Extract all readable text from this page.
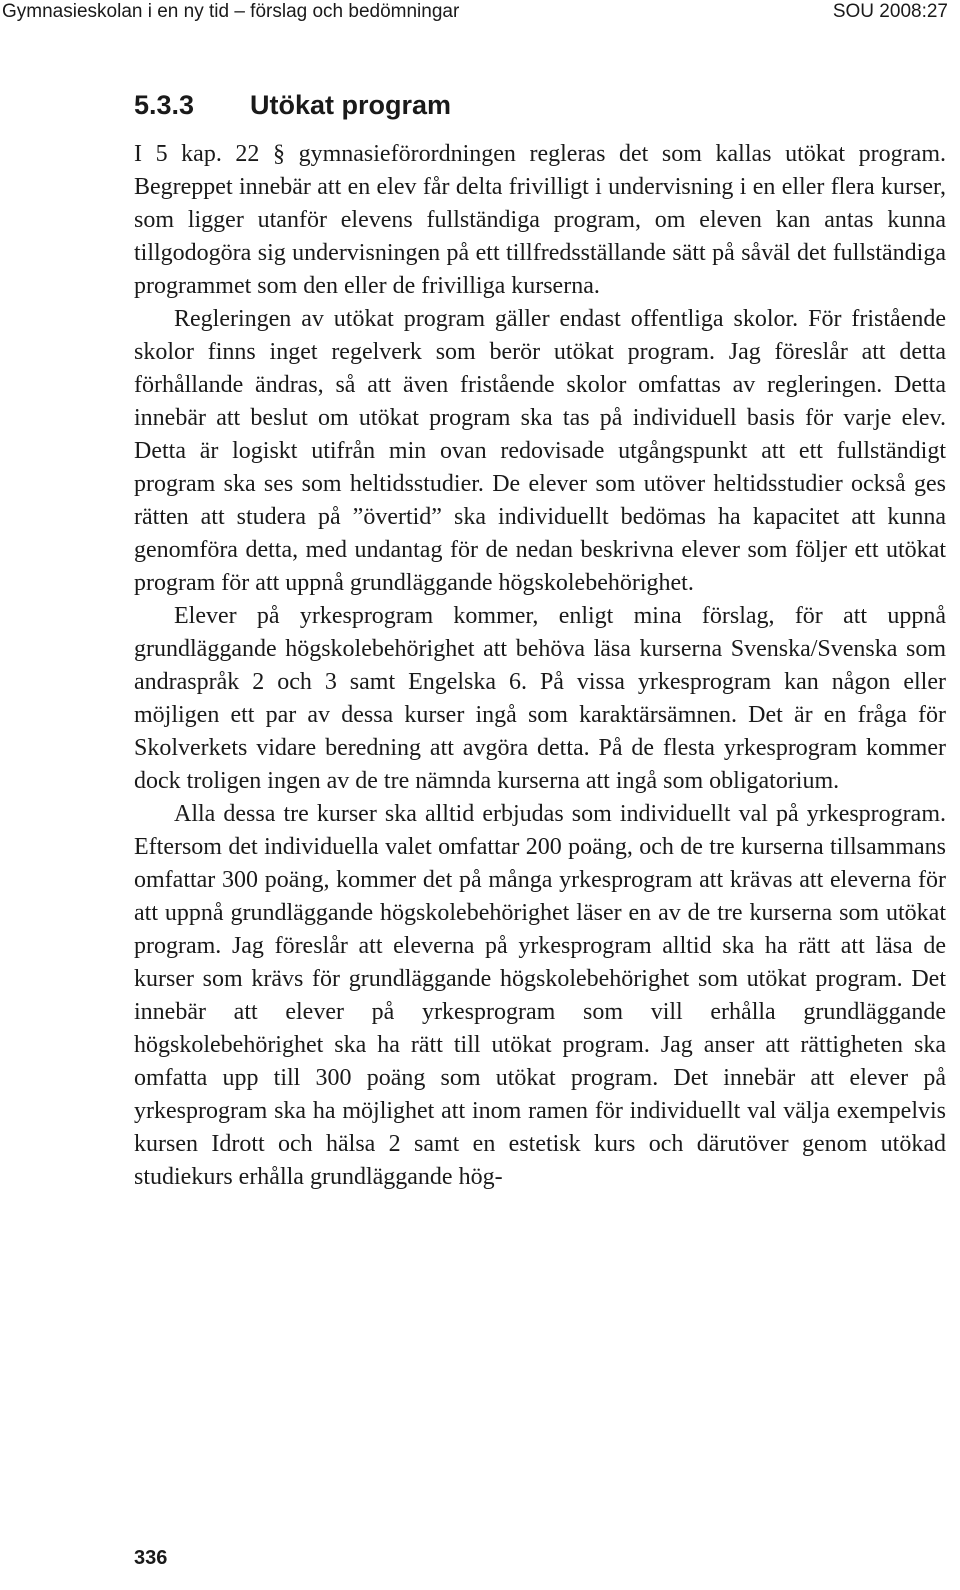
Gymnasieskolan i en ny tid – förslag och bedömningar	SOU 2008:27
5.3.3 Utökat program

I 5 kap. 22 § gymnasieförordningen regleras det som kallas utökat program. Begreppet innebär att en elev får delta frivilligt i undervisning i en eller flera kurser, som ligger utanför elevens fullständiga program, om eleven kan antas kunna tillgodogöra sig undervisningen på ett tillfredsställande sätt på såväl det fullständiga programmet som den eller de frivilliga kurserna.

Regleringen av utökat program gäller endast offentliga skolor. För fristående skolor finns inget regelverk som berör utökat program. Jag föreslår att detta förhållande ändras, så att även fristående skolor omfattas av regleringen. Detta innebär att beslut om utökat program ska tas på individuell basis för varje elev. Detta är logiskt utifrån min ovan redovisade utgångspunkt att ett fullständigt program ska ses som heltidsstudier. De elever som utöver heltidsstudier också ges rätten att studera på ”övertid” ska individuellt bedömas ha kapacitet att kunna genomföra detta, med undantag för de nedan beskrivna elever som följer ett utökat program för att uppnå grundläggande högskolebehörighet.

Elever på yrkesprogram kommer, enligt mina förslag, för att uppnå grundläggande högskolebehörighet att behöva läsa kurserna Svenska/Svenska som andraspråk 2 och 3 samt Engelska 6. På vissa yrkesprogram kan någon eller möjligen ett par av dessa kurser ingå som karaktärsämnen. Det är en fråga för Skolverkets vidare beredning att avgöra detta. På de flesta yrkesprogram kommer dock troligen ingen av de tre nämnda kurserna att ingå som obligatorium.

Alla dessa tre kurser ska alltid erbjudas som individuellt val på yrkesprogram. Eftersom det individuella valet omfattar 200 poäng, och de tre kurserna tillsammans omfattar 300 poäng, kommer det på många yrkesprogram att krävas att eleverna för att uppnå grundläggande högskolebehörighet läser en av de tre kurserna som utökat program. Jag föreslår att eleverna på yrkesprogram alltid ska ha rätt att läsa de kurser som krävs för grundläggande högskolebehörighet som utökat program. Det innebär att elever på yrkesprogram som vill erhålla grundläggande högskolebehörighet ska ha rätt till utökat program. Jag anser att rättigheten ska omfatta upp till 300 poäng som utökat program. Det innebär att elever på yrkesprogram ska ha möjlighet att inom ramen för individuellt val välja exempelvis kursen Idrott och hälsa 2 samt en estetisk kurs och därutöver genom utökad studiekurs erhålla grundläggande hög-

336
